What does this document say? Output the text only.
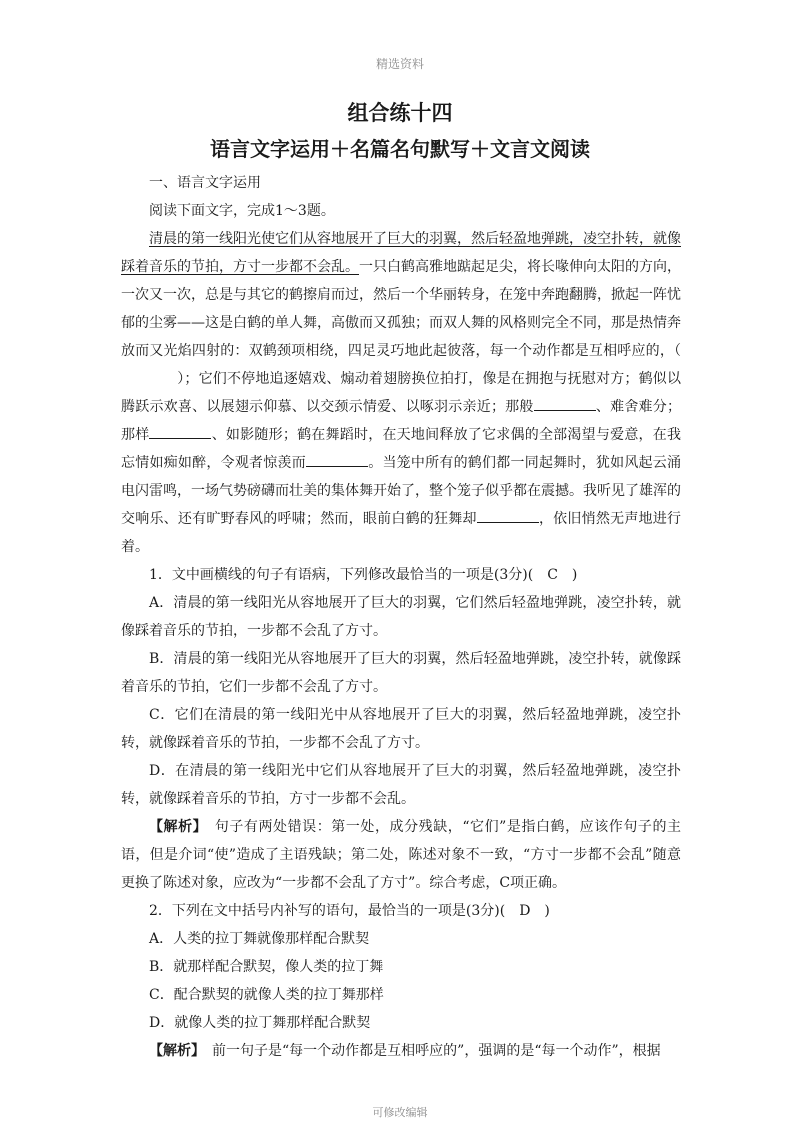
精选资料
组合练十四
语言文字运用＋名篇名句默写＋文言文阅读

一、语言文字运用

阅读下面文字，完成1～3题。

清晨的第一线阳光使它们从容地展开了巨大的羽翼，然后轻盈地弹跳，凌空扑转，就像踩着音乐的节拍，方寸一步都不会乱。一只白鹤高雅地踮起足尖，将长喙伸向太阳的方向，一次又一次，总是与其它的鹤擦肩而过，然后一个华丽转身，在笼中奔跑翻腾，掀起一阵忧郁的尘雾——这是白鹤的单人舞，高傲而又孤独；而双人舞的风格则完全不同，那是热情奔放而又光焰四射的：双鹤颈项相绕，四足灵巧地此起彼落，每一个动作都是互相呼应的，（）；它们不停地追逐嬉戏、煽动着翅膀换位拍打，像是在拥抱与抚慰对方；鹤似以腾跃示欢喜、以展翅示仰慕、以交颈示情爱、以啄羽示亲近；那般	、难舍难分；那样	、如影随形；鹤在舞蹈时，在天地间释放了它求偶的全部渴望与爱意，在我忘情如痴如醉，令观者惊羡而	。当笼中所有的鹤们都一同起舞时，犹如风起云涌电闪雷鸣，一场气势磅礴而壮美的集体舞开始了，整个笼子似乎都在震撼。我听见了雄浑的交响乐、还有旷野春风的呼啸；然而，眼前白鹤的狂舞却	，依旧悄然无声地进行着。

1．文中画横线的句子有语病，下列修改最恰当的一项是(3分)(　C　)

A．清晨的第一线阳光从容地展开了巨大的羽翼，它们然后轻盈地弹跳，凌空扑转，就像踩着音乐的节拍，一步都不会乱了方寸。

B．清晨的第一线阳光从容地展开了巨大的羽翼，然后轻盈地弹跳，凌空扑转，就像踩着音乐的节拍，它们一步都不会乱了方寸。

C．它们在清晨的第一线阳光中从容地展开了巨大的羽翼，然后轻盈地弹跳，凌空扑转，就像踩着音乐的节拍，一步都不会乱了方寸。

D．在清晨的第一线阳光中它们从容地展开了巨大的羽翼，然后轻盈地弹跳，凌空扑转，就像踩着音乐的节拍，方寸一步都不会乱。

【解析】　句子有两处错误：第一处，成分残缺，“它们”是指白鹤，应该作句子的主语，但是介词“使”造成了主语残缺；第二处，陈述对象不一致，“方寸一步都不会乱”随意更换了陈述对象，应改为“一步都不会乱了方寸”。综合考虑，C项正确。

2．下列在文中括号内补写的语句，最恰当的一项是(3分)(　D　)

A．人类的拉丁舞就像那样配合默契

B．就那样配合默契，像人类的拉丁舞

C．配合默契的就像人类的拉丁舞那样

D．就像人类的拉丁舞那样配合默契

【解析】　前一句子是“每一个动作都是互相呼应的”，强调的是“每一个动作”，根据

可修改编辑
